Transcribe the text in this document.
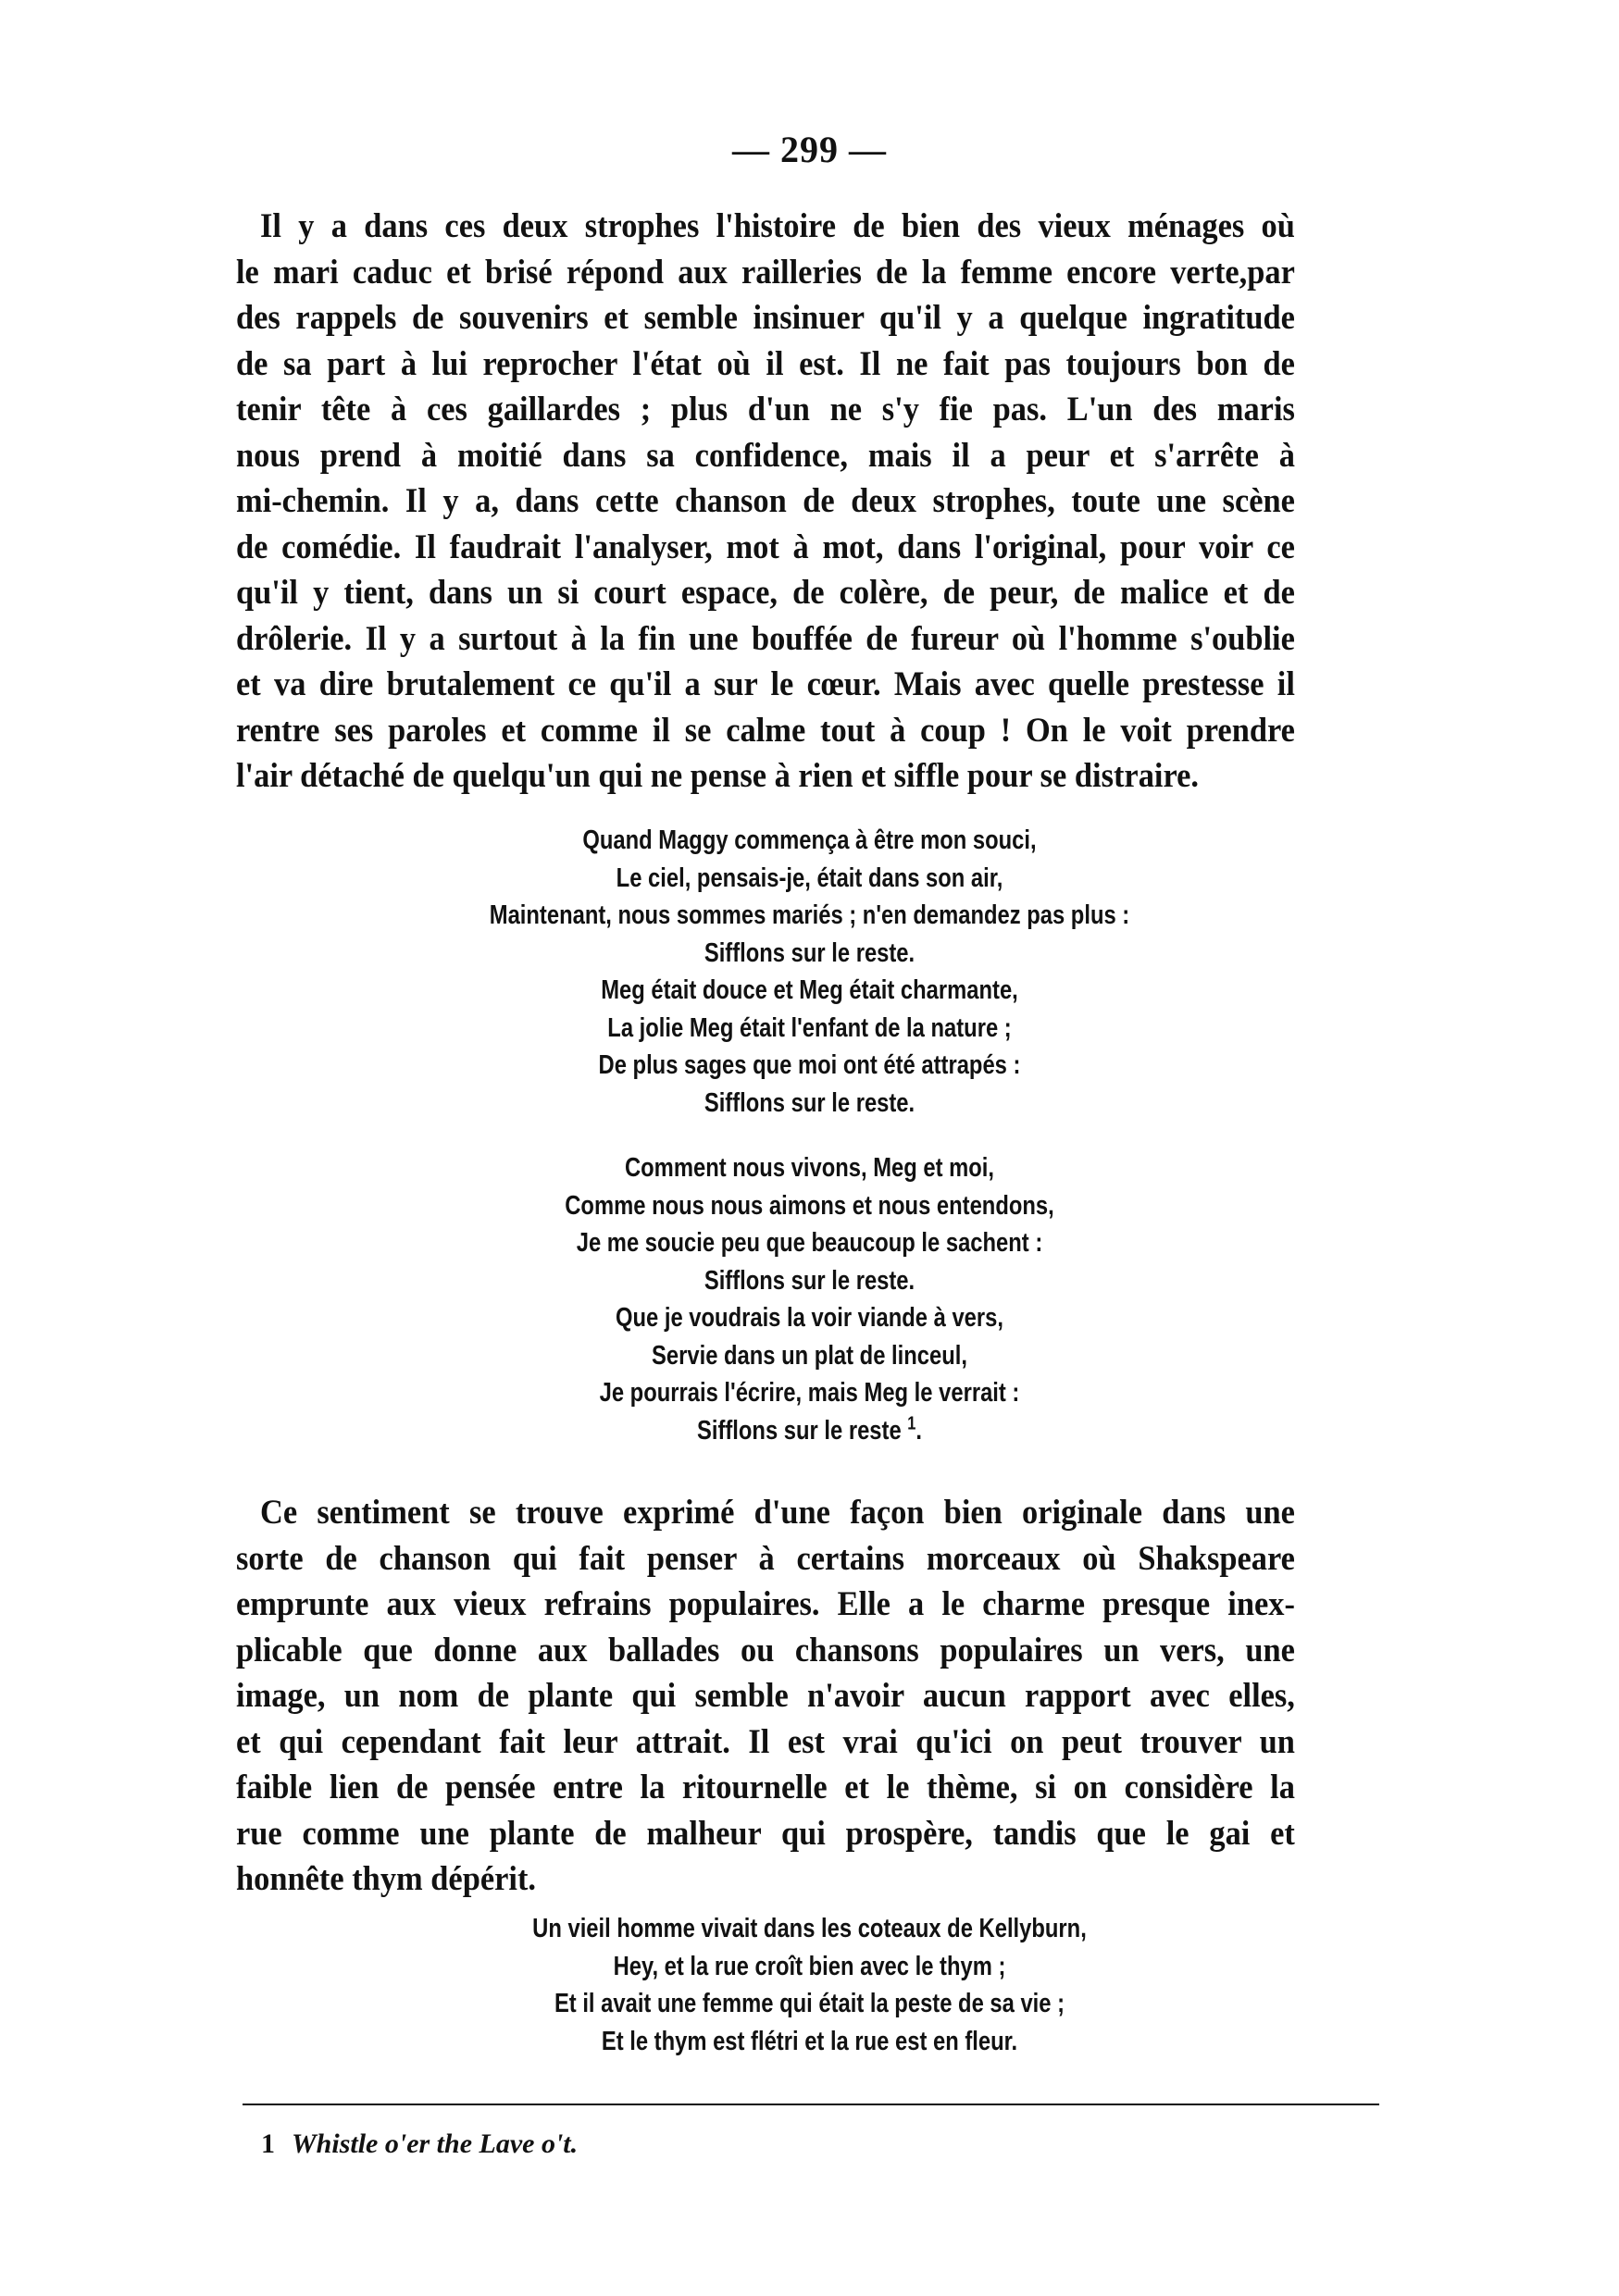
— 299 —
Il y a dans ces deux strophes l'histoire de bien des vieux ménages où
le mari caduc et brisé répond aux railleries de la femme encore verte,par
des rappels de souvenirs et semble insinuer qu'il y a quelque ingratitude
de sa part à lui reprocher l'état où il est. Il ne fait pas toujours bon de
tenir tête à ces gaillardes ; plus d'un ne s'y fie pas. L'un des maris
nous prend à moitié dans sa confidence, mais il a peur et s'arrête à
mi-chemin. Il y a, dans cette chanson de deux strophes, toute une scène
de comédie. Il faudrait l'analyser, mot à mot, dans l'original, pour voir ce
qu'il y tient, dans un si court espace, de colère, de peur, de malice et de
drôlerie. Il y a surtout à la fin une bouffée de fureur où l'homme s'oublie
et va dire brutalement ce qu'il a sur le cœur. Mais avec quelle prestesse il
rentre ses paroles et comme il se calme tout à coup ! On le voit prendre
l'air détaché de quelqu'un qui ne pense à rien et siffle pour se distraire.
Quand Maggy commença à être mon souci,
Le ciel, pensais-je, était dans son air,
Maintenant, nous sommes mariés ; n'en demandez pas plus :
Sifflons sur le reste.
Meg était douce et Meg était charmante,
La jolie Meg était l'enfant de la nature ;
De plus sages que moi ont été attrapés :
Sifflons sur le reste.
Comment nous vivons, Meg et moi,
Comme nous nous aimons et nous entendons,
Je me soucie peu que beaucoup le sachent :
Sifflons sur le reste.
Que je voudrais la voir viande à vers,
Servie dans un plat de linceul,
Je pourrais l'écrire, mais Meg le verrait :
Sifflons sur le reste $^1$.
Ce sentiment se trouve exprimé d'une façon bien originale dans une
sorte de chanson qui fait penser à certains morceaux où Shakspeare
emprunte aux vieux refrains populaires. Elle a le charme presque inex-
plicable que donne aux ballades ou chansons populaires un vers, une
image, un nom de plante qui semble n'avoir aucun rapport avec elles,
et qui cependant fait leur attrait. Il est vrai qu'ici on peut trouver un
faible lien de pensée entre la ritournelle et le thème, si on considère la
rue comme une plante de malheur qui prospère, tandis que le gai et
honnête thym dépérit.
Un vieil homme vivait dans les coteaux de Kellyburn,
Hey, et la rue croît bien avec le thym ;
Et il avait une femme qui était la peste de sa vie ;
Et le thym est flétri et la rue est en fleur.
1 Whistle o'er the Lave o't.
